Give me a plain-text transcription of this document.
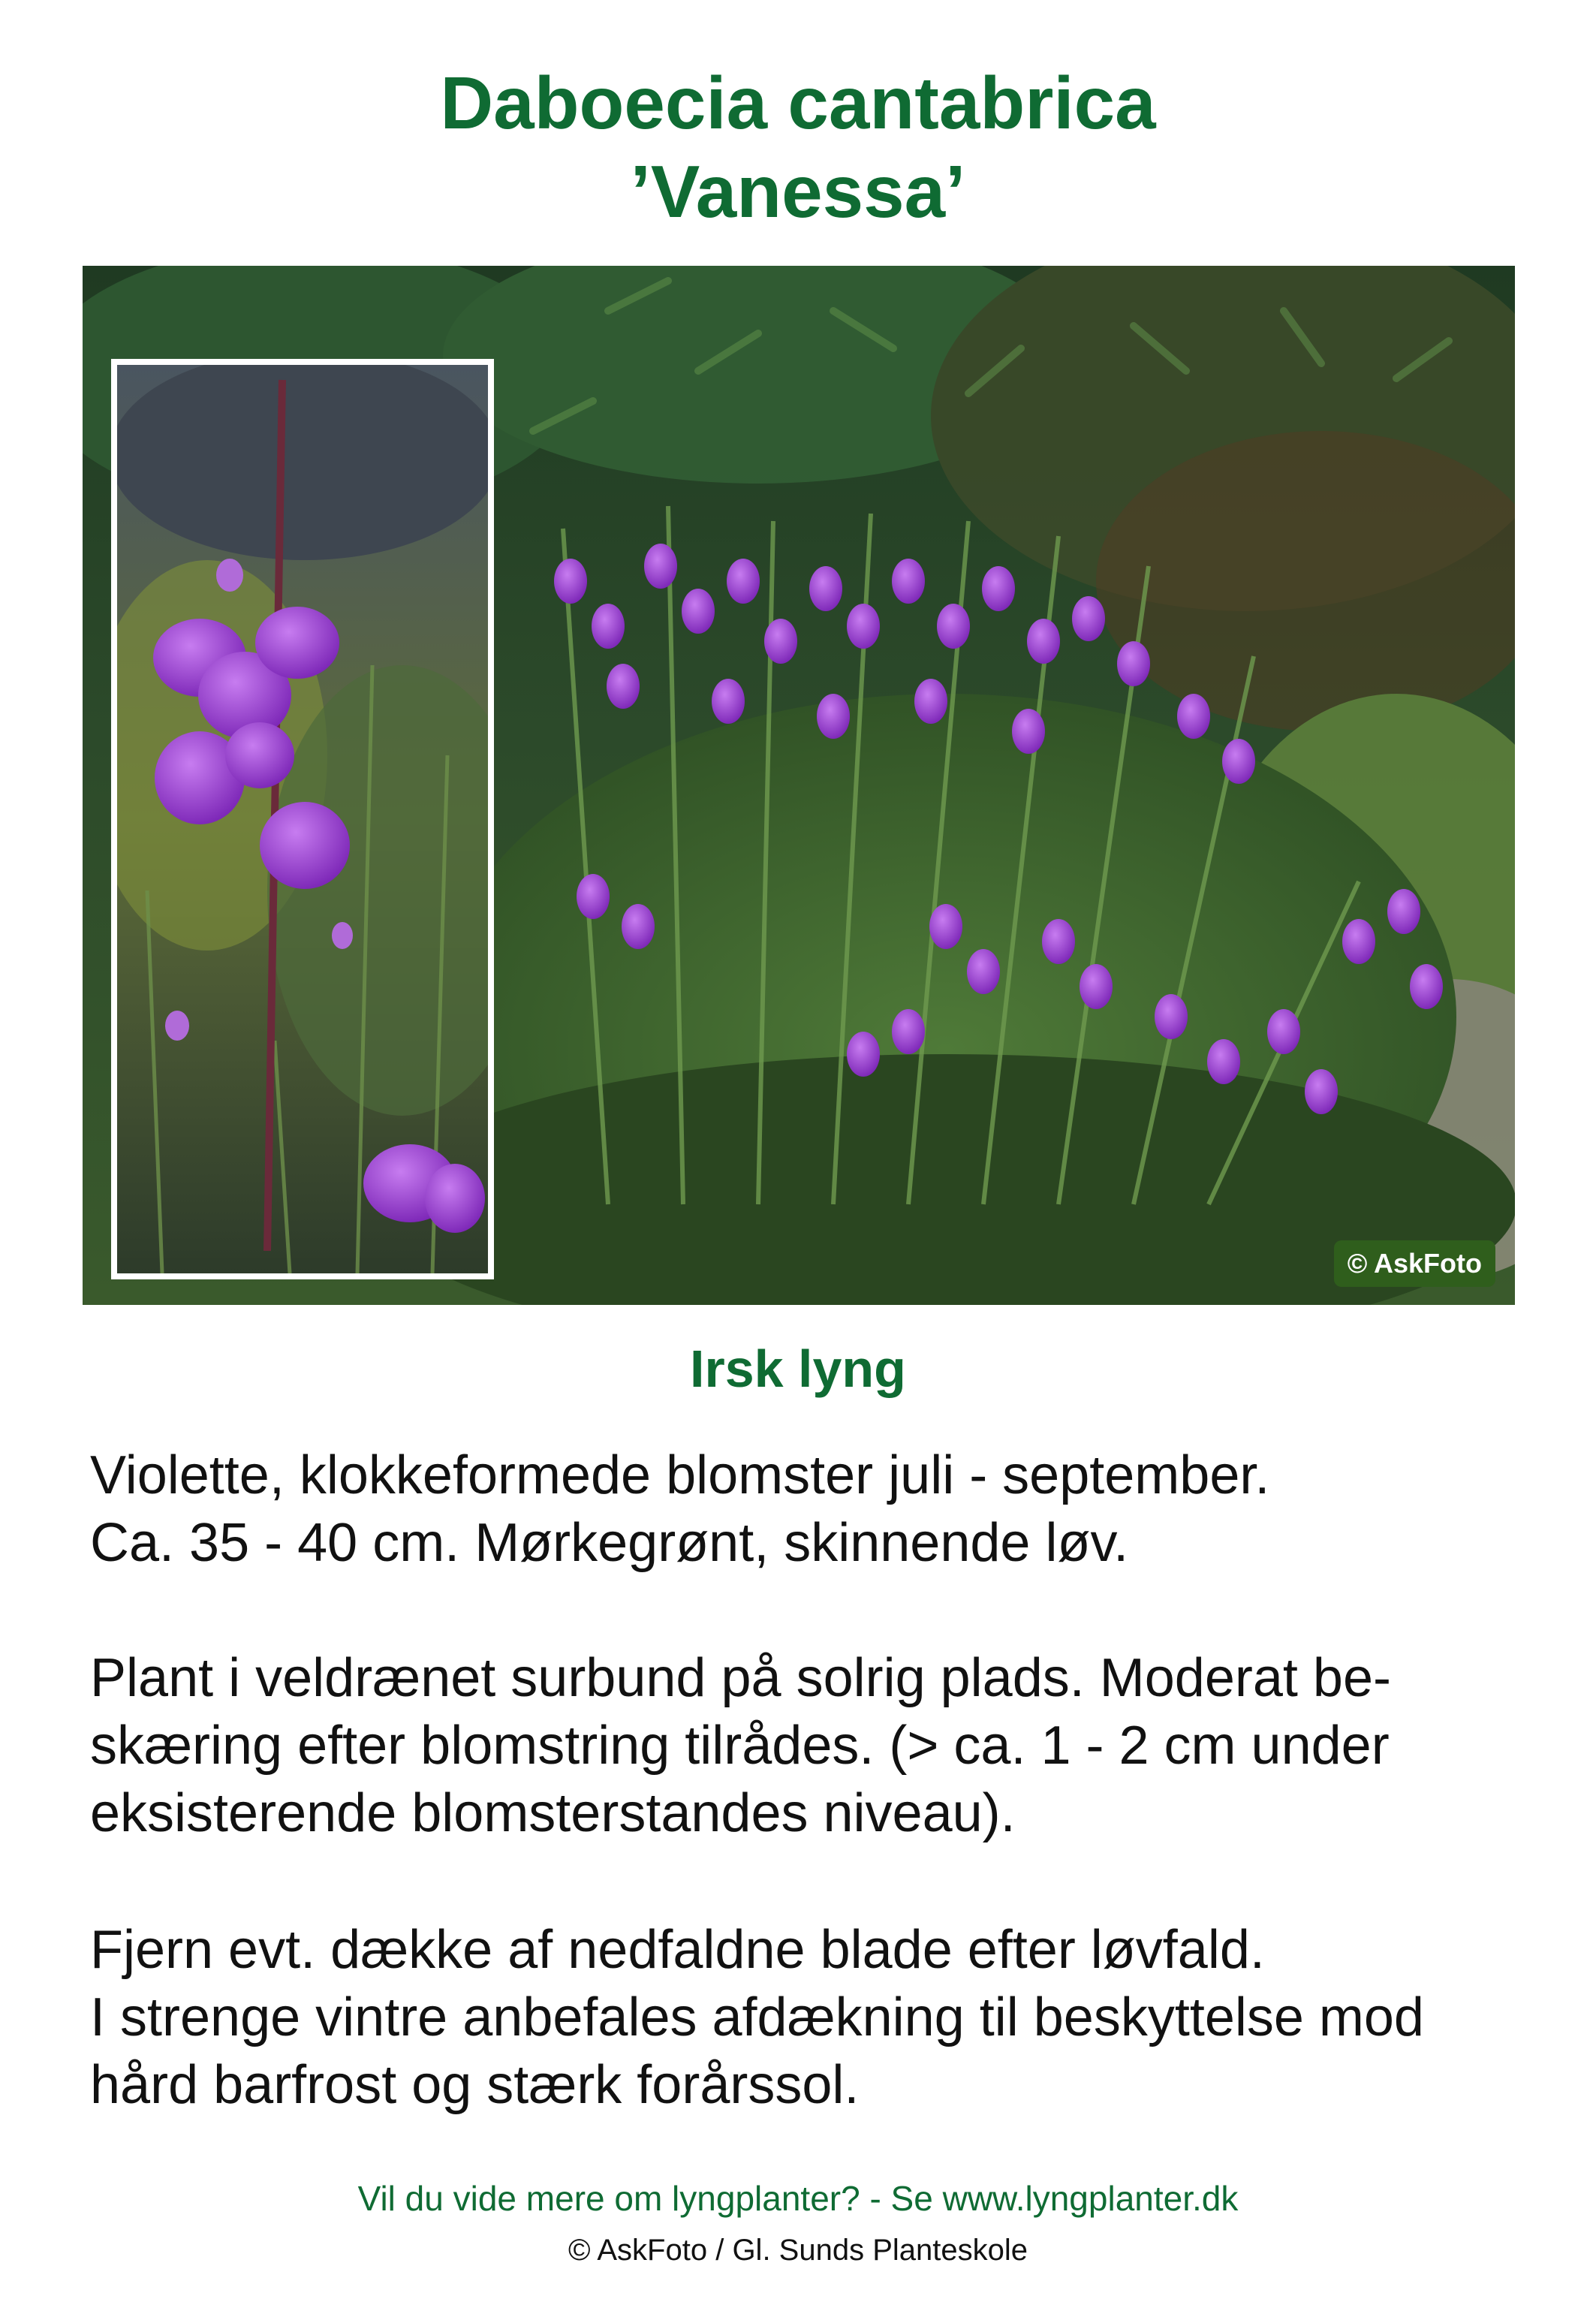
Daboecia cantabrica
’Vanessa’
© AskFoto
Irsk lyng
Violette, klokkeformede blomster juli - september.
Ca. 35 - 40 cm. Mørkegrønt, skinnende løv.
Plant i veldrænet surbund på solrig plads. Moderat be-
skæring efter blomstring tilrådes. (> ca. 1 - 2 cm under
eksisterende blomsterstandes niveau).
Fjern evt. dække af nedfaldne blade efter løvfald.
I strenge vintre anbefales afdækning til beskyttelse mod
hård barfrost og stærk forårssol.
Vil du vide mere om lyngplanter? - Se www.lyngplanter.dk
© AskFoto / Gl. Sunds Planteskole
